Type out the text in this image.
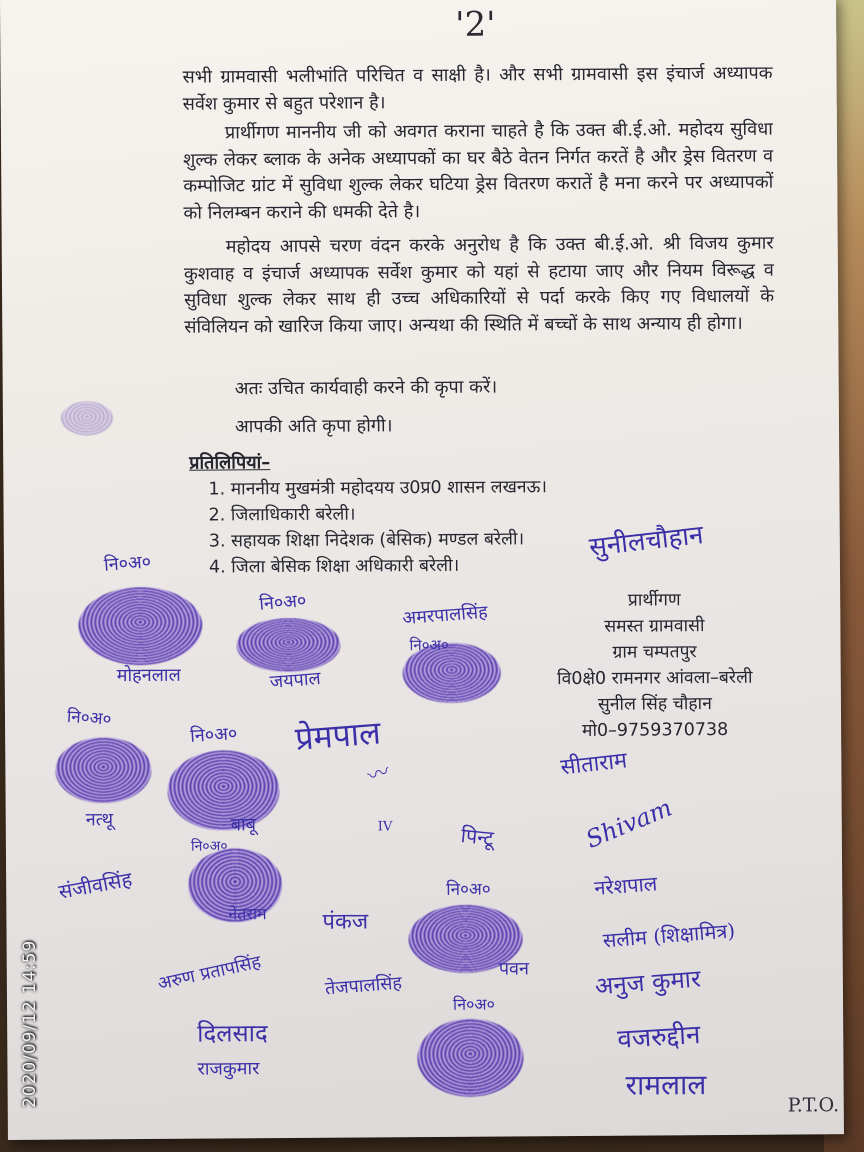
'2'

सभी ग्रामवासी भलीभांति परिचित व साक्षी है। और सभी ग्रामवासी इस इंचार्ज अध्यापक सर्वेश कुमार से बहुत परेशान है।

प्रार्थीगण माननीय जी को अवगत कराना चाहते है कि उक्त बी.ई.ओ. महोदय सुविधा शुल्क लेकर ब्लाक के अनेक अध्यापकों का घर बैठे वेतन निर्गत करतें है और ड्रेस वितरण व कम्पोजिट ग्रांट में सुविधा शुल्क लेकर घटिया ड्रेस वितरण करातें है मना करने पर अध्यापकों को निलम्बन कराने की धमकी देते है।

महोदय आपसे चरण वंदन करके अनुरोध है कि उक्त बी.ई.ओ. श्री विजय कुमार कुशवाह व इंचार्ज अध्यापक सर्वेश कुमार को यहां से हटाया जाए और नियम विरूद्ध व सुविधा शुल्क लेकर साथ ही उच्च अधिकारियों से पर्दा करके किए गए विधालयों के संविलियन को खारिज किया जाए। अन्यथा की स्थिति में बच्चों के साथ अन्याय ही होगा।

अतः उचित कार्यवाही करने की कृपा करें।

आपकी अति कृपा होगी।

प्रतिलिपियां–

1. माननीय मुखमंत्री महोदयय उ0प्र0 शासन लखनऊ।
2. जिलाधिकारी बरेली।
3. सहायक शिक्षा निदेशक (बेसिक) मण्डल बरेली।
4. जिला बेसिक शिक्षा अधिकारी बरेली।
प्रार्थीगण
समस्त ग्रामवासी
ग्राम चम्पतपुर
वि0क्षे0 रामनगर आंवला–बरेली
सुनील सिंह चौहान
मो0–9759370738
सुनीलचौहान
नि०अ०
नि०अ०	अमरपालसिंह
नि०अ०
मोहनलाल	जयपाल
नि०अ०
नि०अ० प्रेमपाल
᠎〰
IV
सीताराम
नत्थू	बाबू
नि०अ०	पिन्टू	Shivam
संजीवसिंह	नि०अ०	नरेशपाल
नेतराम	पंकज	सलीम (शिक्षामित्र)
पवन
अरुण प्रतापसिंह	तेजपालसिंह	अनुज कुमार
नि०अ०
दिलसाद	वजरुद्दीन
राजकुमार	रामलाल
P.T.O.
2020/09/12 14:59
